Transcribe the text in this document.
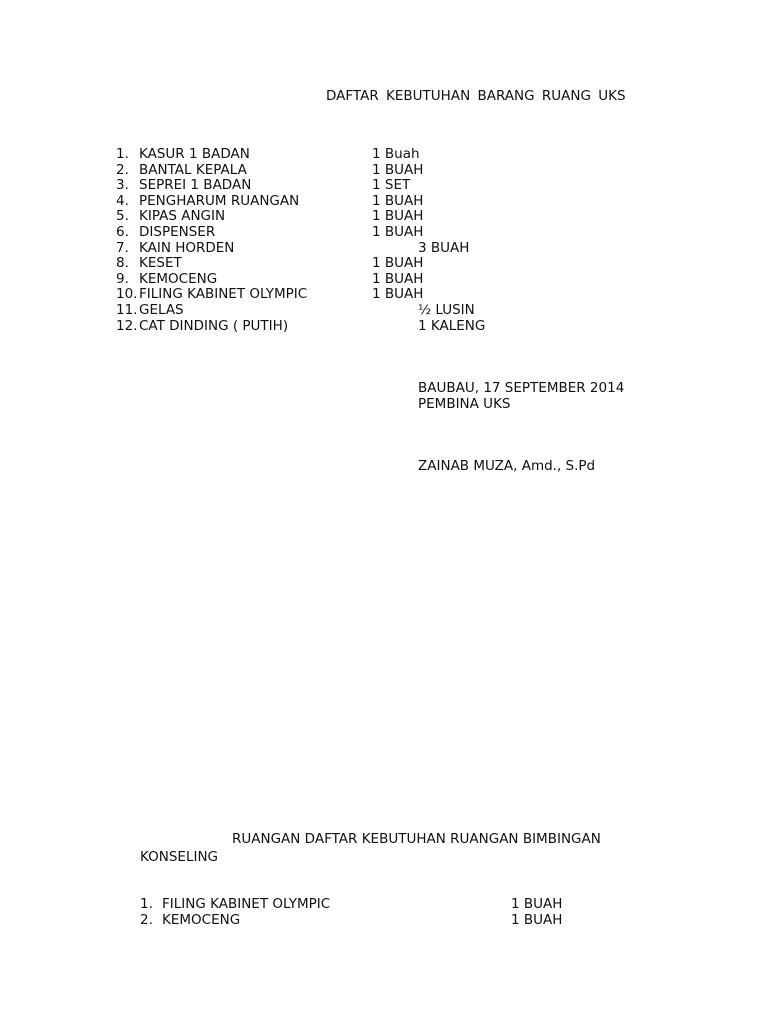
DAFTAR KEBUTUHAN BARANG RUANG UKS
1. KASUR 1 BADAN	1 Buah
2. BANTAL KEPALA	1 BUAH
3. SEPREI 1 BADAN	1 SET
4. PENGHARUM RUANGAN	1 BUAH
5. KIPAS ANGIN	1 BUAH
6. DISPENSER	1 BUAH
7. KAIN HORDEN	3 BUAH
8. KESET	1 BUAH
9. KEMOCENG	1 BUAH
10. FILING KABINET OLYMPIC	1 BUAH
11. GELAS	½ LUSIN
12. CAT DINDING ( PUTIH)	1 KALENG
BAUBAU, 17 SEPTEMBER 2014
PEMBINA UKS
ZAINAB MUZA, Amd., S.Pd
RUANGAN DAFTAR KEBUTUHAN RUANGAN BIMBINGAN
KONSELING
1. FILING KABINET OLYMPIC	1 BUAH
2. KEMOCENG	1 BUAH
